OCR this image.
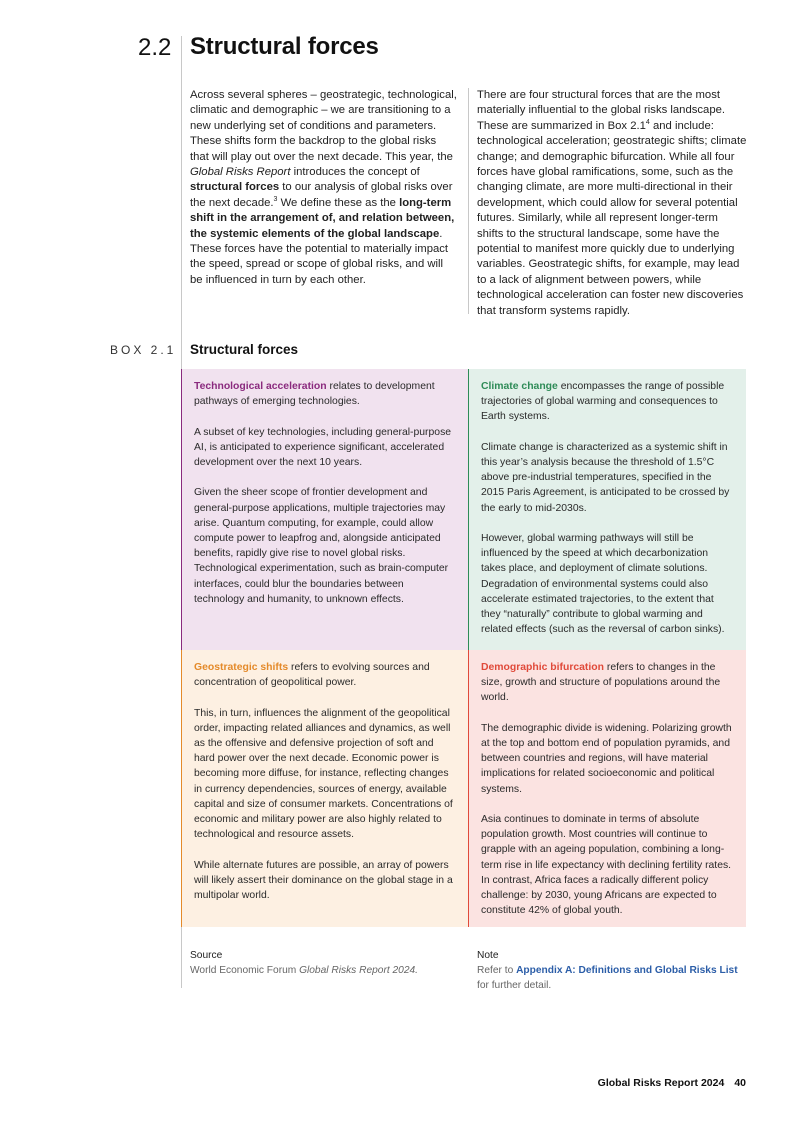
2.2 Structural forces

Across several spheres – geostrategic, technological, climatic and demographic – we are transitioning to a new underlying set of conditions and parameters. These shifts form the backdrop to the global risks that will play out over the next decade. This year, the Global Risks Report introduces the concept of structural forces to our analysis of global risks over the next decade.$^3$ We define these as the long-term shift in the arrangement of, and relation between, the systemic elements of the global landscape. These forces have the potential to materially impact the speed, spread or scope of global risks, and will be influenced in turn by each other.

There are four structural forces that are the most materially influential to the global risks landscape. These are summarized in Box $2.1^4$ and include: technological acceleration; geostrategic shifts; climate change; and demographic bifurcation. While all four forces have global ramifications, some, such as the changing climate, are more multi-directional in their development, which could allow for several potential futures. Similarly, while all represent longer-term shifts to the structural landscape, some have the potential to manifest more quickly due to underlying variables. Geostrategic shifts, for example, may lead to a lack of alignment between powers, while technological acceleration can foster new discoveries that transform systems rapidly.

BOX 2.1 Structural forces

Technological acceleration relates to development pathways of emerging technologies.

A subset of key technologies, including general-purpose AI, is anticipated to experience significant, accelerated development over the next 10 years.

Given the sheer scope of frontier development and general-purpose applications, multiple trajectories may arise. Quantum computing, for example, could allow compute power to leapfrog and, alongside anticipated benefits, rapidly give rise to novel global risks. Technological experimentation, such as brain-computer interfaces, could blur the boundaries between technology and humanity, to unknown effects.

Climate change encompasses the range of possible trajectories of global warming and consequences to Earth systems.

Climate change is characterized as a systemic shift in this year’s analysis because the threshold of 1.5°C above pre-industrial temperatures, specified in the 2015 Paris Agreement, is anticipated to be crossed by the early to mid-2030s.

However, global warming pathways will still be influenced by the speed at which decarbonization takes place, and deployment of climate solutions. Degradation of environmental systems could also accelerate estimated trajectories, to the extent that they “naturally” contribute to global warming and related effects (such as the reversal of carbon sinks).

Geostrategic shifts refers to evolving sources and concentration of geopolitical power.

This, in turn, influences the alignment of the geopolitical order, impacting related alliances and dynamics, as well as the offensive and defensive projection of soft and hard power over the next decade. Economic power is becoming more diffuse, for instance, reflecting changes in currency dependencies, sources of energy, available capital and size of consumer markets. Concentrations of economic and military power are also highly related to technological and resource assets.

While alternate futures are possible, an array of powers will likely assert their dominance on the global stage in a multipolar world.

Demographic bifurcation refers to changes in the size, growth and structure of populations around the world.

The demographic divide is widening. Polarizing growth at the top and bottom end of population pyramids, and between countries and regions, will have material implications for related socioeconomic and political systems.

Asia continues to dominate in terms of absolute population growth. Most countries will continue to grapple with an ageing population, combining a long-term rise in life expectancy with declining fertility rates. In contrast, Africa faces a radically different policy challenge: by 2030, young Africans are expected to constitute 42% of global youth.

Source
World Economic Forum Global Risks Report 2024.
Note
Refer to Appendix A: Definitions and Global Risks List for further detail.
Global Risks Report 2024 40
